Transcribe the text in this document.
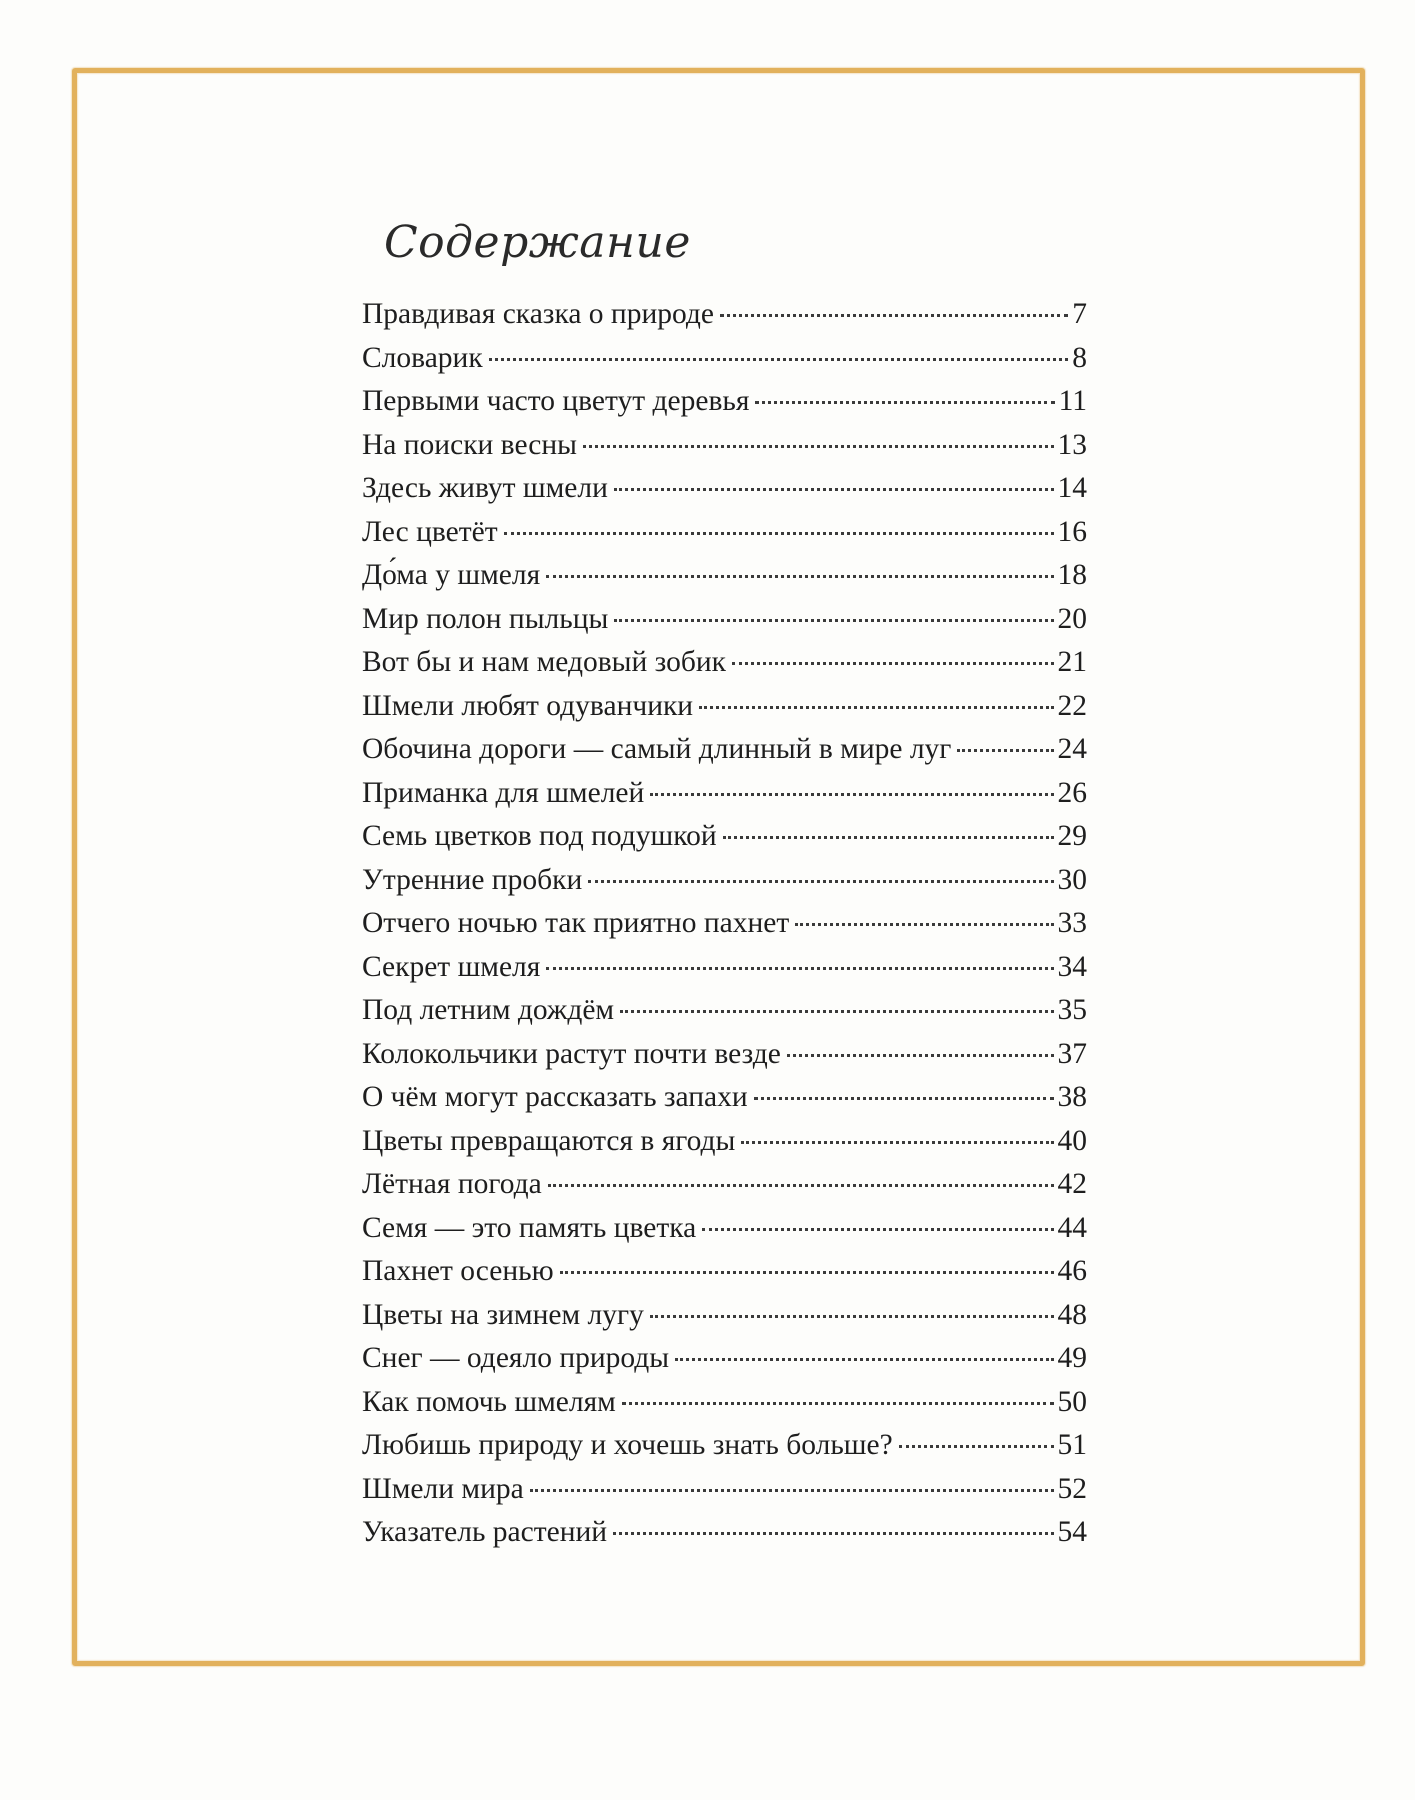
Содержание
Правдивая сказка о природе	7
Словарик	8
Первыми часто цветут деревья	11
На поиски весны	13
Здесь живут шмели	14
Лес цветёт	16
До́ма у шмеля	18
Мир полон пыльцы	20
Вот бы и нам медовый зобик	21
Шмели любят одуванчики	22
Обочина дороги — самый длинный в мире луг	24
Приманка для шмелей	26
Семь цветков под подушкой	29
Утренние пробки	30
Отчего ночью так приятно пахнет	33
Секрет шмеля	34
Под летним дождём	35
Колокольчики растут почти везде	37
О чём могут рассказать запахи	38
Цветы превращаются в ягоды	40
Лётная погода	42
Семя — это память цветка	44
Пахнет осенью	46
Цветы на зимнем лугу	48
Снег — одеяло природы	49
Как помочь шмелям	50
Любишь природу и хочешь знать больше?	51
Шмели мира	52
Указатель растений	54
